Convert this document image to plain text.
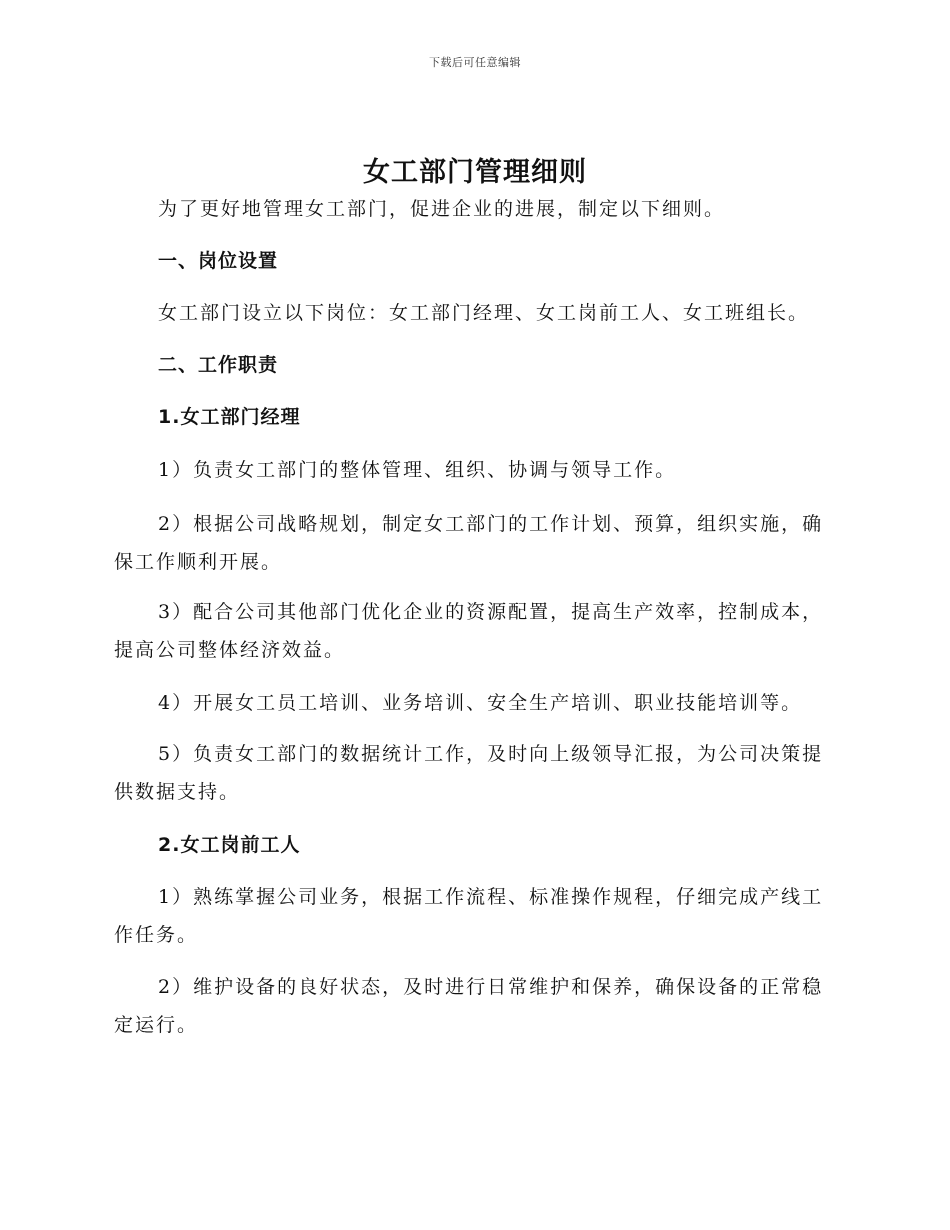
下载后可任意编辑
女工部门管理细则

为了更好地管理女工部门，促进企业的进展，制定以下细则。

一、岗位设置

女工部门设立以下岗位：女工部门经理、女工岗前工人、女工班组长。

二、工作职责

1.女工部门经理

1）负责女工部门的整体管理、组织、协调与领导工作。

2）根据公司战略规划，制定女工部门的工作计划、预算，组织实施，确保工作顺利开展。

3）配合公司其他部门优化企业的资源配置，提高生产效率，控制成本，提高公司整体经济效益。

4）开展女工员工培训、业务培训、安全生产培训、职业技能培训等。

5）负责女工部门的数据统计工作，及时向上级领导汇报，为公司决策提供数据支持。

2.女工岗前工人

1）熟练掌握公司业务，根据工作流程、标准操作规程，仔细完成产线工作任务。

2）维护设备的良好状态，及时进行日常维护和保养，确保设备的正常稳定运行。
